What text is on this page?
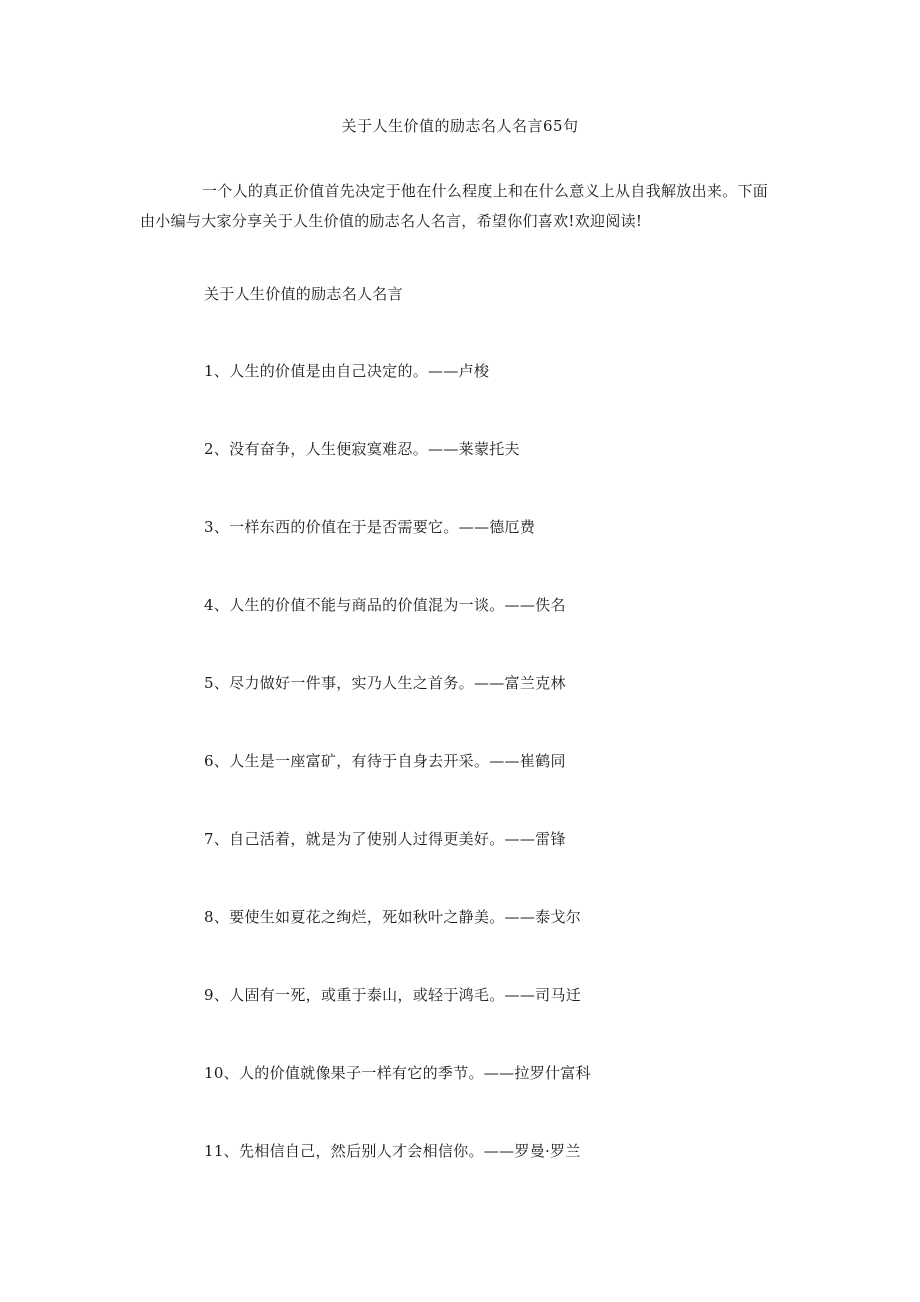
关于人生价值的励志名人名言65句
一个人的真正价值首先决定于他在什么程度上和在什么意义上从自我解放出来。下面由小编与大家分享关于人生价值的励志名人名言，希望你们喜欢!欢迎阅读!
关于人生价值的励志名人名言
1、人生的价值是由自己决定的。——卢梭
2、没有奋争，人生便寂寞难忍。——莱蒙托夫
3、一样东西的价值在于是否需要它。——德厄费
4、人生的价值不能与商品的价值混为一谈。——佚名
5、尽力做好一件事，实乃人生之首务。——富兰克林
6、人生是一座富矿，有待于自身去开采。——崔鹤同
7、自己活着，就是为了使别人过得更美好。——雷锋
8、要使生如夏花之绚烂，死如秋叶之静美。——泰戈尔
9、人固有一死，或重于泰山，或轻于鸿毛。——司马迁
10、人的价值就像果子一样有它的季节。——拉罗什富科
11、先相信自己，然后别人才会相信你。——罗曼·罗兰
